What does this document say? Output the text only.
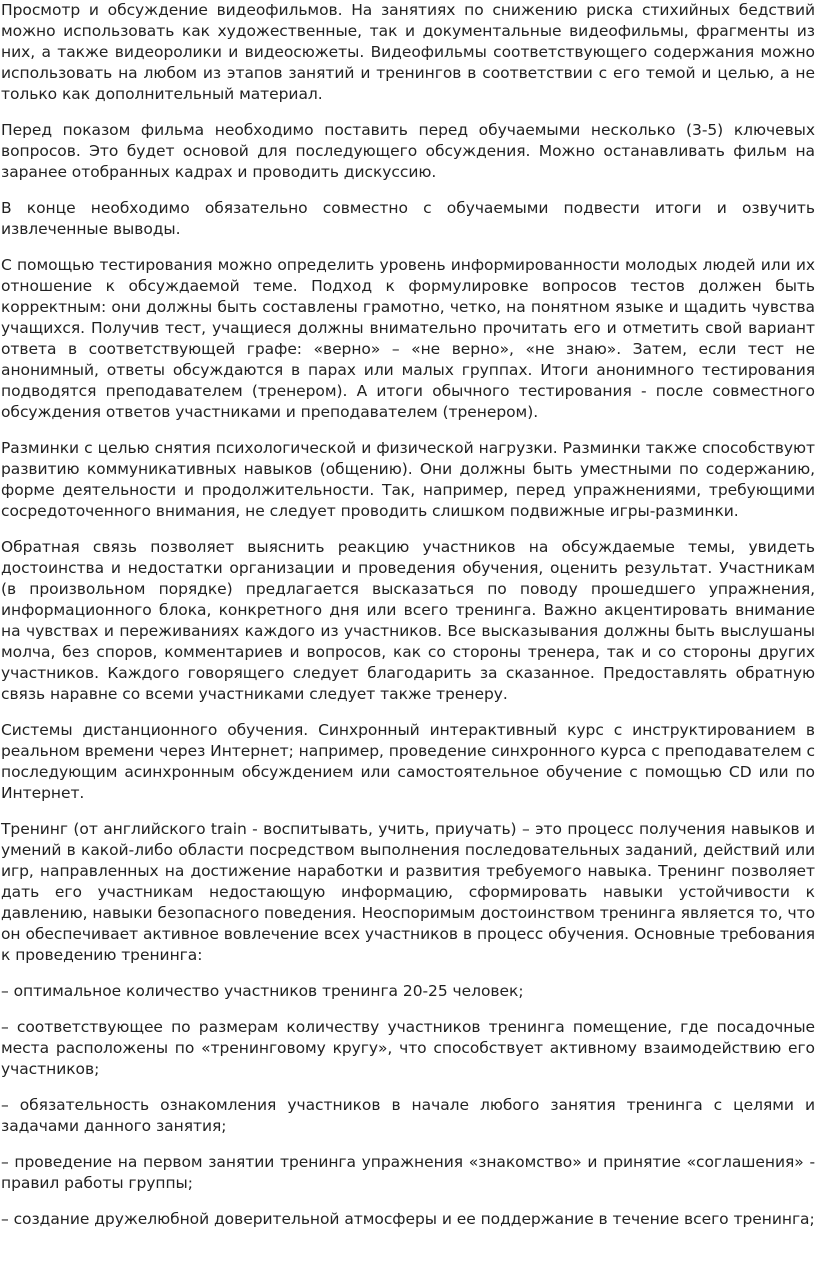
Просмотр и обсуждение видеофильмов. На занятиях по снижению риска стихийных бедствий можно использовать как художественные, так и документальные видеофильмы, фрагменты из них, а также видеоролики и видеосюжеты. Видеофильмы соответствующего содержания можно использовать на любом из этапов занятий и тренингов в соответствии с его темой и целью, а не только как дополнительный материал.

Перед показом фильма необходимо поставить перед обучаемыми несколько (3-5) ключевых вопросов. Это будет основой для последующего обсуждения. Можно останавливать фильм на заранее отобранных кадрах и проводить дискуссию.

В конце необходимо обязательно совместно с обучаемыми подвести итоги и озвучить извлеченные выводы.

С помощью тестирования можно определить уровень информированности молодых людей или их отношение к обсуждаемой теме. Подход к формулировке вопросов тестов должен быть корректным: они должны быть составлены грамотно, четко, на понятном языке и щадить чувства учащихся. Получив тест, учащиеся должны внимательно прочитать его и отметить свой вариант ответа в соответствующей графе: «верно» – «не верно», «не знаю». Затем, если тест не анонимный, ответы обсуждаются в парах или малых группах. Итоги анонимного тестирования подводятся преподавателем (тренером). А итоги обычного тестирования - после совместного обсуждения ответов участниками и преподавателем (тренером).

Разминки с целью снятия психологической и физической нагрузки. Разминки также способствуют развитию коммуникативных навыков (общению). Они должны быть уместными по содержанию, форме деятельности и продолжительности. Так, например, перед упражнениями, требующими сосредоточенного внимания, не следует проводить слишком подвижные игры-разминки.

Обратная связь позволяет выяснить реакцию участников на обсуждаемые темы, увидеть достоинства и недостатки организации и проведения обучения, оценить результат. Участникам (в произвольном порядке) предлагается высказаться по поводу прошедшего упражнения, информационного блока, конкретного дня или всего тренинга. Важно акцентировать внимание на чувствах и переживаниях каждого из участников. Все высказывания должны быть выслушаны молча, без споров, комментариев и вопросов, как со стороны тренера, так и со стороны других участников. Каждого говорящего следует благодарить за сказанное. Предоставлять обратную связь наравне со всеми участниками следует также тренеру.

Системы дистанционного обучения. Синхронный интерактивный курс с инструктированием в реальном времени через Интернет; например, проведение синхронного курса с преподавателем с последующим асинхронным обсуждением или самостоятельное обучение с помощью CD или по Интернет.

Тренинг (от английского train - воспитывать, учить, приучать) – это процесс получения навыков и умений в какой-либо области посредством выполнения последовательных заданий, действий или игр, направленных на достижение наработки и развития требуемого навыка. Тренинг позволяет дать его участникам недостающую информацию, сформировать навыки устойчивости к давлению, навыки безопасного поведения. Неоспоримым достоинством тренинга является то, что он обеспечивает активное вовлечение всех участников в процесс обучения. Основные требования к проведению тренинга:

– оптимальное количество участников тренинга 20-25 человек;

– соответствующее по размерам количеству участников тренинга помещение, где посадочные места расположены по «тренинговому кругу», что способствует активному взаимодействию его участников;

– обязательность ознакомления участников в начале любого занятия тренинга с целями и задачами данного занятия;

– проведение на первом занятии тренинга упражнения «знакомство» и принятие «соглашения» - правил работы группы;

– создание дружелюбной доверительной атмосферы и ее поддержание в течение всего тренинга;
